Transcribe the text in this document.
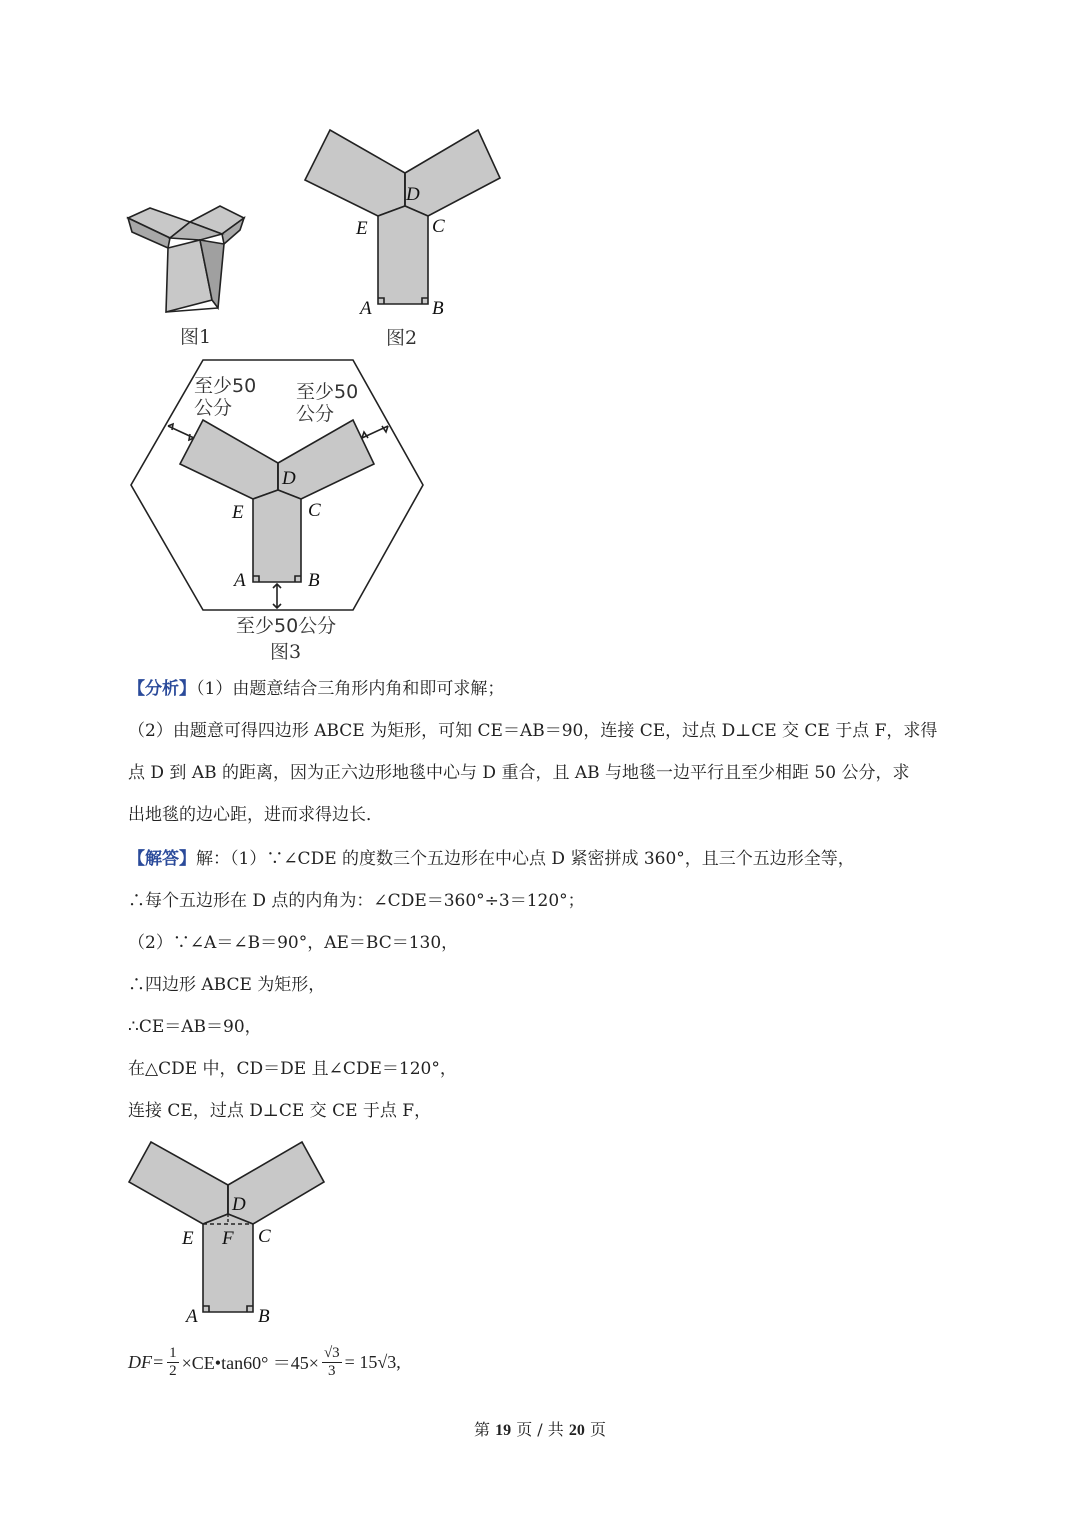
图1
D
E	C
A	B
图2
至少50
公分
至少50
公分
D
E	C
A	B
至少50公分
图3
【分析】（1）由题意结合三角形内角和即可求解；
（2）由题意可得四边形 ABCE 为矩形，可知 CE＝AB＝90，连接 CE，过点 D⊥CE 交 CE 于点 F，求得
点 D 到 AB 的距离，因为正六边形地毯中心与 D 重合，且 AB 与地毯一边平行且至少相距 50 公分，求
出地毯的边心距，进而求得边长．
【解答】解：（1）∵∠CDE 的度数三个五边形在中心点 D 紧密拼成 360°，且三个五边形全等，
∴每个五边形在 D 点的内角为：∠CDE＝360°÷3＝120°；
（2）∵∠A＝∠B＝90°，AE＝BC＝130，
∴四边形 ABCE 为矩形，
∴CE＝AB＝90，
在△CDE 中，CD＝DE 且∠CDE＝120°，
连接 CE，过点 D⊥CE 交 CE 于点 F，
D
E F C
A	B
$DF= \frac{1}{2}$ ×CE•tan60° $=45\times \frac{√3}{3} = 15√3$,
第 19 页 / 共 20 页
